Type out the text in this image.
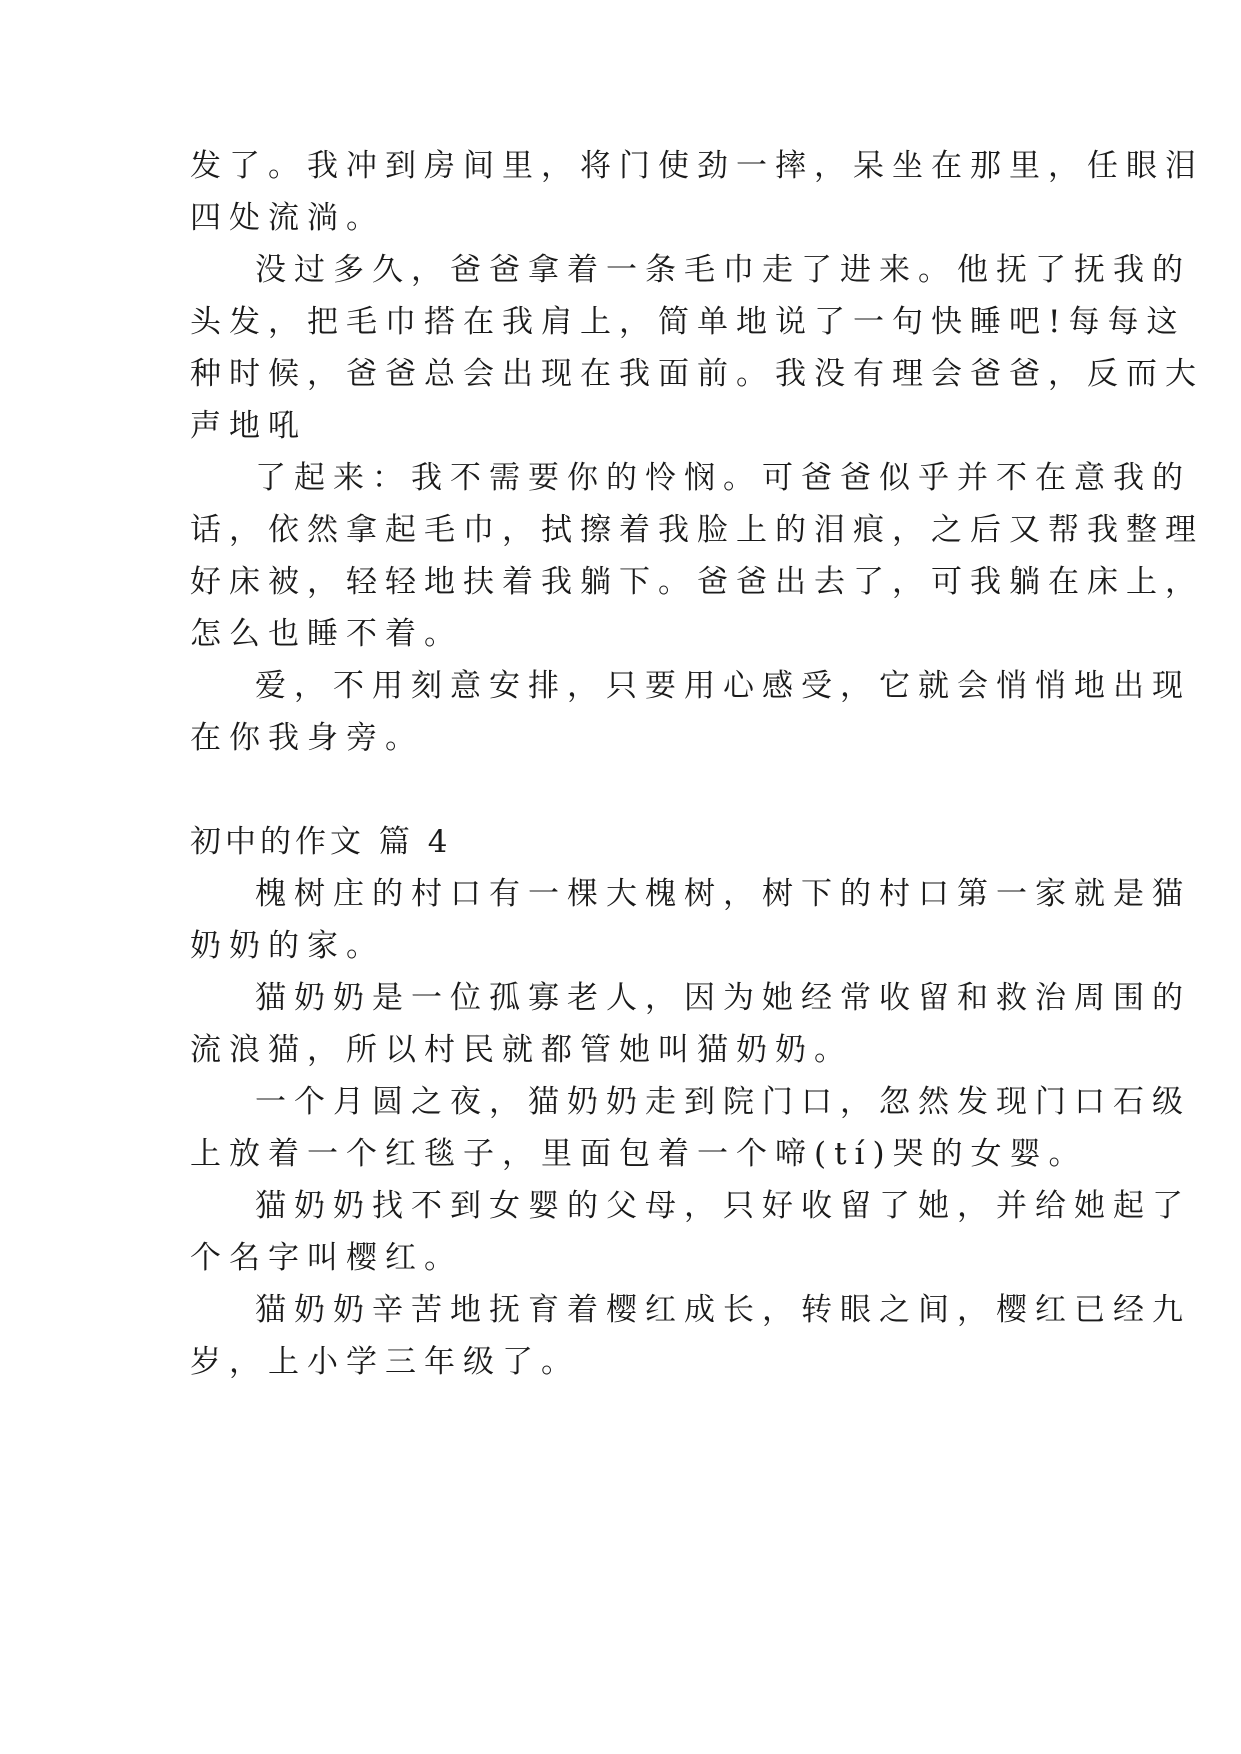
发了。我冲到房间里，将门使劲一摔，呆坐在那里，任眼泪
四处流淌。
没过多久，爸爸拿着一条毛巾走了进来。他抚了抚我的
头发，把毛巾搭在我肩上，简单地说了一句快睡吧!每每这
种时候，爸爸总会出现在我面前。我没有理会爸爸，反而大
声地吼
了起来：我不需要你的怜悯。可爸爸似乎并不在意我的
话，依然拿起毛巾，拭擦着我脸上的泪痕，之后又帮我整理
好床被，轻轻地扶着我躺下。爸爸出去了，可我躺在床上，
怎么也睡不着。
爱，不用刻意安排，只要用心感受，它就会悄悄地出现
在你我身旁。
初中的作文 篇 4
槐树庄的村口有一棵大槐树，树下的村口第一家就是猫
奶奶的家。
猫奶奶是一位孤寡老人，因为她经常收留和救治周围的
流浪猫，所以村民就都管她叫猫奶奶。
一个月圆之夜，猫奶奶走到院门口，忽然发现门口石级
上放着一个红毯子，里面包着一个啼(tí)哭的女婴。
猫奶奶找不到女婴的父母，只好收留了她，并给她起了
个名字叫樱红。
猫奶奶辛苦地抚育着樱红成长，转眼之间，樱红已经九
岁，上小学三年级了。
